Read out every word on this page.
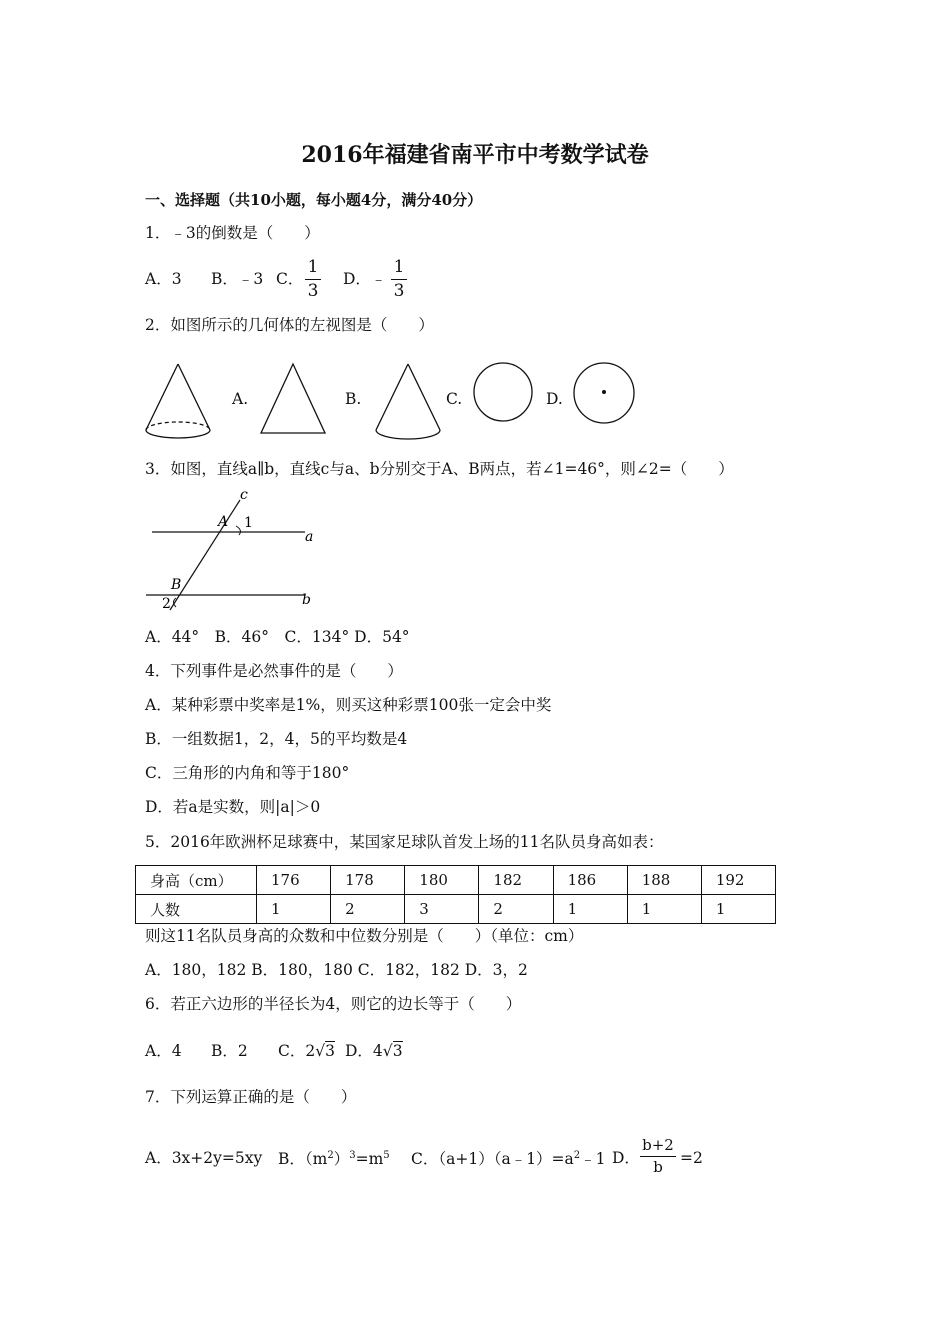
2016年福建省南平市中考数学试卷
一、选择题（共10小题，每小题4分，满分40分）
1．﹣3的倒数是（　　）
A．3 B．﹣3 C．
1
3
D．﹣
1
3
2．如图所示的几何体的左视图是（　　）
A.	B.	C.	D.
3．如图，直线a∥b，直线c与a、b分别交于A、B两点，若∠1=46°，则∠2=（　　）
c
A 1
a
B
2	b
A．44°　B．46°　C．134° D．54°
4．下列事件是必然事件的是（　　）
A．某种彩票中奖率是1%，则买这种彩票100张一定会中奖
B．一组数据1，2，4，5的平均数是4
C．三角形的内角和等于180°
D．若a是实数，则|a|＞0
5．2016年欧洲杯足球赛中，某国家足球队首发上场的11名队员身高如表：
身高（cm）	176	178	180	182	186	188	192
人数	1	2	3	2	1	1	1
则这11名队员身高的众数和中位数分别是（　　）（单位：cm）
A．180，182 B．180，180 C．182，182 D．3，2
6．若正六边形的半径长为4，则它的边长等于（　　）
A．4 B．2 C．2√3 D．4√3
7．下列运算正确的是（　　）
A．3x+2y=5xy B．$(m^2)^3=m^5$ C．$(a+1)(a﹣1)=a^2﹣1$ D．
b+2
b	=2
